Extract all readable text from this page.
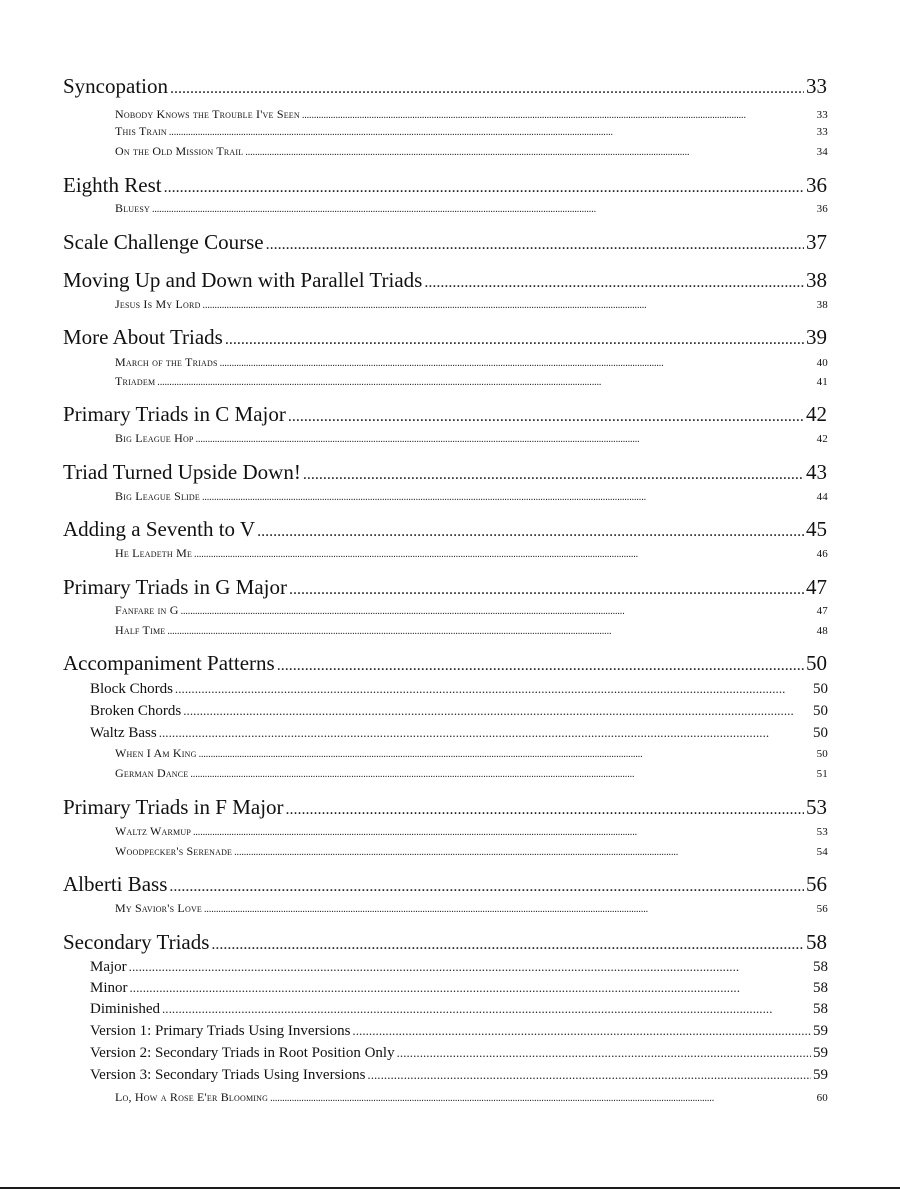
Syncopation . . .	33
Nobody Knows the Trouble I've Seen . . .	33
This Train . . .	33
On the Old Mission Trail . . .	34
Eighth Rest . . .	36
Bluesy . . .	36
Scale Challenge Course . . .	37
Moving Up and Down with Parallel Triads . . .	38
Jesus Is My Lord . . .	38
More About Triads . . .	39
March of the Triads . . .	40
Triadem . . .	41
Primary Triads in C Major . . .	42
Big League Hop . . .	42
Triad Turned Upside Down! . . .	43
Big League Slide . . .	44
Adding a Seventh to V . . .	45
He Leadeth Me . . .	46
Primary Triads in G Major . . .	47
Fanfare in G . . .	47
Half Time . . .	48
Accompaniment Patterns . . .	50
Block Chords . . .	50
Broken Chords . . .	50
Waltz Bass . . .	50
When I Am King . . .	50
German Dance . . .	51
Primary Triads in F Major . . .	53
Waltz Warmup . . .	53
Woodpecker's Serenade . . .	54
Alberti Bass . . .	56
My Savior's Love . . .	56
Secondary Triads . . .	58
Major . . .	58
Minor . . .	58
Diminished . . .	58
Version 1: Primary Triads Using Inversions . . .	59
Version 2: Secondary Triads in Root Position Only . . .	59
Version 3: Secondary Triads Using Inversions . . .	59
Lo, How a Rose E'er Blooming . . .	60
